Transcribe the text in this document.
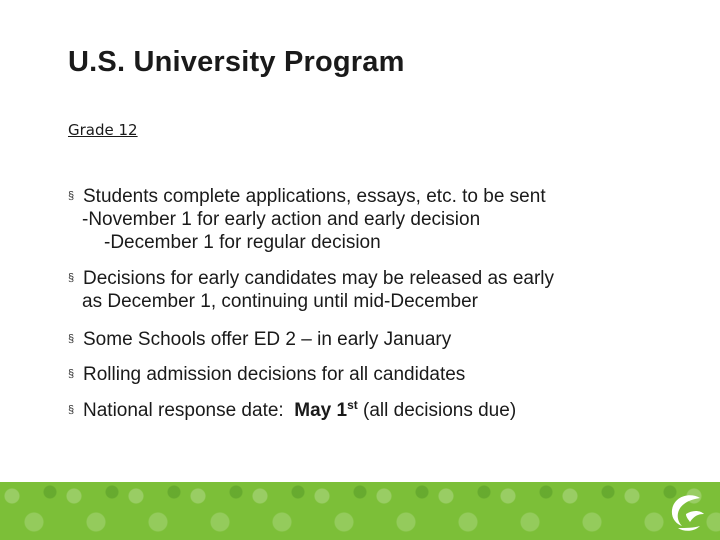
U.S. University Program
Grade 12
§ Students complete applications, essays, etc. to be sent
-November 1 for early action and early decision
-December 1 for regular decision
§ Decisions for early candidates may be released as early
as December 1, continuing until mid-December
§ Some Schools offer ED 2 – in early January
§ Rolling admission decisions for all candidates
§ National response date:  May 1st (all decisions due)
